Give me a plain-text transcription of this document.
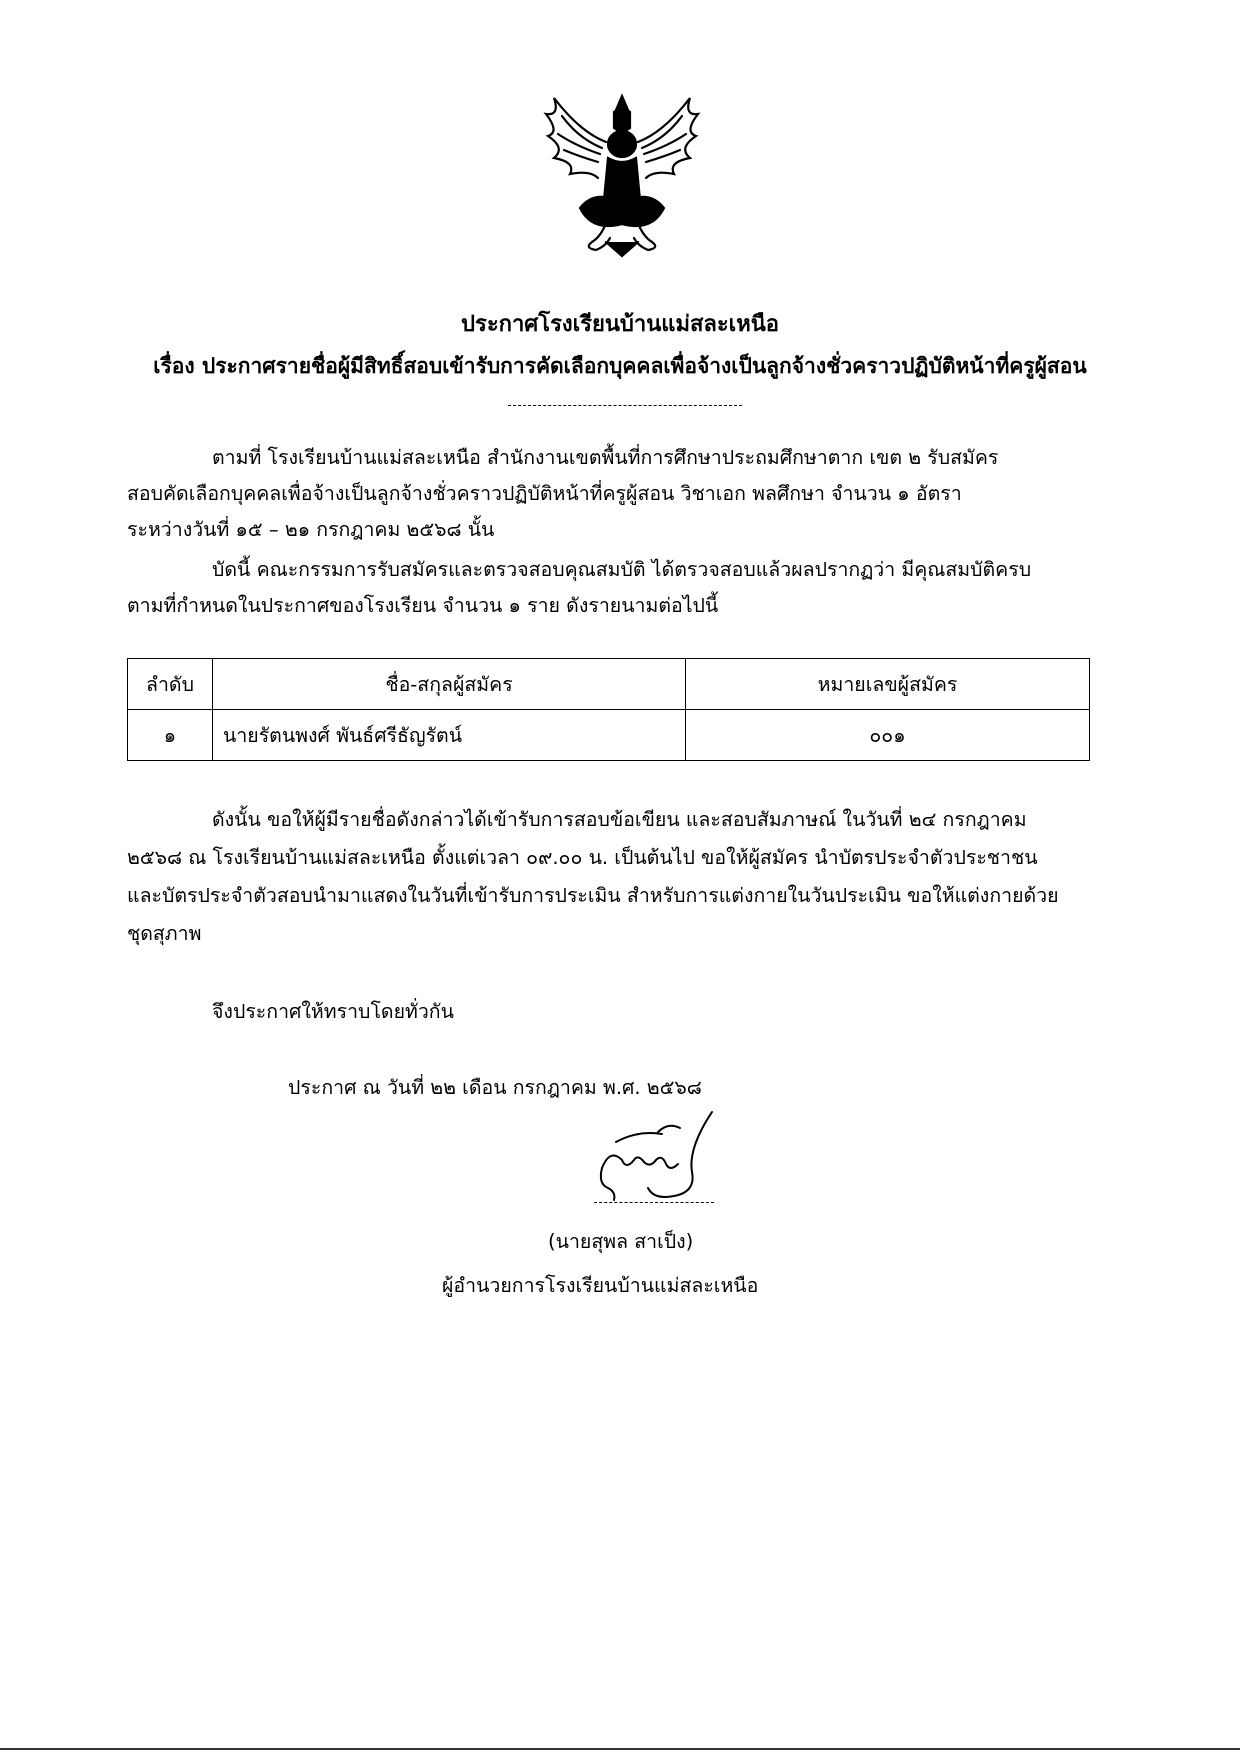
ประกาศโรงเรียนบ้านแม่สละเหนือ
เรื่อง ประกาศรายชื่อผู้มีสิทธิ์สอบเข้ารับการคัดเลือกบุคคลเพื่อจ้างเป็นลูกจ้างชั่วคราวปฏิบัติหน้าที่ครูผู้สอน
ตามที่ โรงเรียนบ้านแม่สละเหนือ สำนักงานเขตพื้นที่การศึกษาประถมศึกษาตาก เขต ๒ รับสมัคร
สอบคัดเลือกบุคคลเพื่อจ้างเป็นลูกจ้างชั่วคราวปฏิบัติหน้าที่ครูผู้สอน วิชาเอก พลศึกษา จำนวน ๑ อัตรา
ระหว่างวันที่ ๑๕ – ๒๑ กรกฎาคม ๒๕๖๘ นั้น
บัดนี้ คณะกรรมการรับสมัครและตรวจสอบคุณสมบัติ ได้ตรวจสอบแล้วผลปรากฏว่า มีคุณสมบัติครบ
ตามที่กำหนดในประกาศของโรงเรียน จำนวน ๑ ราย ดังรายนามต่อไปนี้
ลำดับ	ชื่อ-สกุลผู้สมัคร	หมายเลขผู้สมัคร
๑	นายรัตนพงศ์ พันธ์ศรีธัญรัตน์	๐๐๑
ดังนั้น ขอให้ผู้มีรายชื่อดังกล่าวได้เข้ารับการสอบข้อเขียน และสอบสัมภาษณ์ ในวันที่ ๒๔ กรกฎาคม
๒๕๖๘ ณ โรงเรียนบ้านแม่สละเหนือ ตั้งแต่เวลา ๐๙.๐๐ น. เป็นต้นไป ขอให้ผู้สมัคร นำบัตรประจำตัวประชาชน
และบัตรประจำตัวสอบนำมาแสดงในวันที่เข้ารับการประเมิน สำหรับการแต่งกายในวันประเมิน ขอให้แต่งกายด้วย
ชุดสุภาพ
จึงประกาศให้ทราบโดยทั่วกัน
ประกาศ ณ วันที่ ๒๒ เดือน กรกฎาคม พ.ศ. ๒๕๖๘
(นายสุพล สาเป็ง)
ผู้อำนวยการโรงเรียนบ้านแม่สละเหนือ
